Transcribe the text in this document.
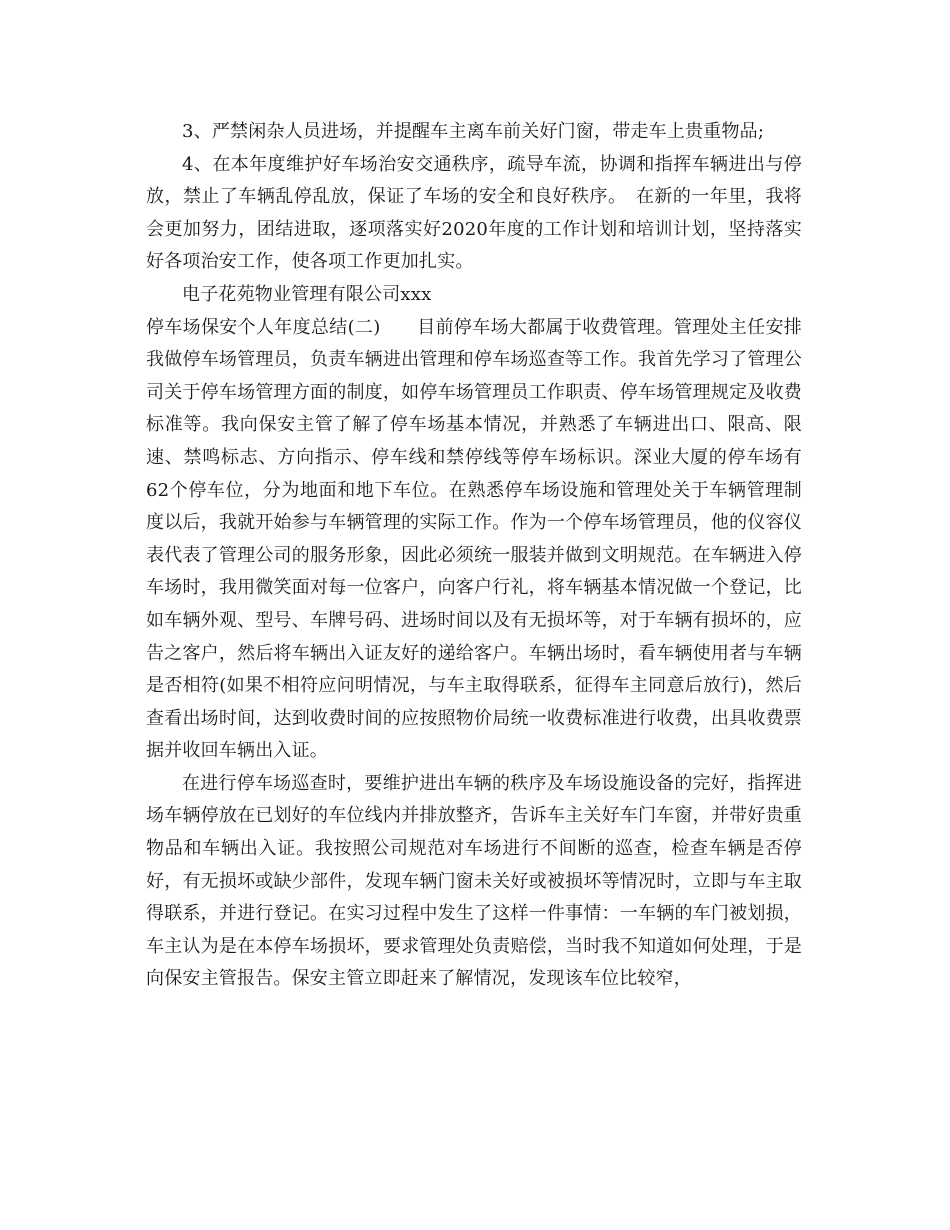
3、严禁闲杂人员进场，并提醒车主离车前关好门窗，带走车上贵重物品;

4、在本年度维护好车场治安交通秩序，疏导车流，协调和指挥车辆进出与停放，禁止了车辆乱停乱放，保证了车场的安全和良好秩序。　在新的一年里，我将会更加努力，团结进取，逐项落实好2020年度的工作计划和培训计划，坚持落实好各项治安工作，使各项工作更加扎实。

电子花苑物业管理有限公司xxx

停车场保安个人年度总结(二)　　目前停车场大都属于收费管理。管理处主任安排我做停车场管理员，负责车辆进出管理和停车场巡查等工作。我首先学习了管理公司关于停车场管理方面的制度，如停车场管理员工作职责、停车场管理规定及收费标准等。我向保安主管了解了停车场基本情况，并熟悉了车辆进出口、限高、限速、禁鸣标志、方向指示、停车线和禁停线等停车场标识。深业大厦的停车场有62个停车位，分为地面和地下车位。在熟悉停车场设施和管理处关于车辆管理制度以后，我就开始参与车辆管理的实际工作。作为一个停车场管理员，他的仪容仪表代表了管理公司的服务形象，因此必须统一服装并做到文明规范。在车辆进入停车场时，我用微笑面对每一位客户，向客户行礼，将车辆基本情况做一个登记，比如车辆外观、型号、车牌号码、进场时间以及有无损坏等，对于车辆有损坏的，应告之客户，然后将车辆出入证友好的递给客户。车辆出场时，看车辆使用者与车辆是否相符(如果不相符应问明情况，与车主取得联系，征得车主同意后放行)，然后查看出场时间，达到收费时间的应按照物价局统一收费标准进行收费，出具收费票据并收回车辆出入证。

在进行停车场巡查时，要维护进出车辆的秩序及车场设施设备的完好，指挥进场车辆停放在已划好的车位线内并排放整齐，告诉车主关好车门车窗，并带好贵重物品和车辆出入证。我按照公司规范对车场进行不间断的巡查，检查车辆是否停好，有无损坏或缺少部件，发现车辆门窗未关好或被损坏等情况时，立即与车主取得联系，并进行登记。在实习过程中发生了这样一件事情：一车辆的车门被划损，车主认为是在本停车场损坏，要求管理处负责赔偿，当时我不知道如何处理，于是向保安主管报告。保安主管立即赶来了解情况，发现该车位比较窄，
